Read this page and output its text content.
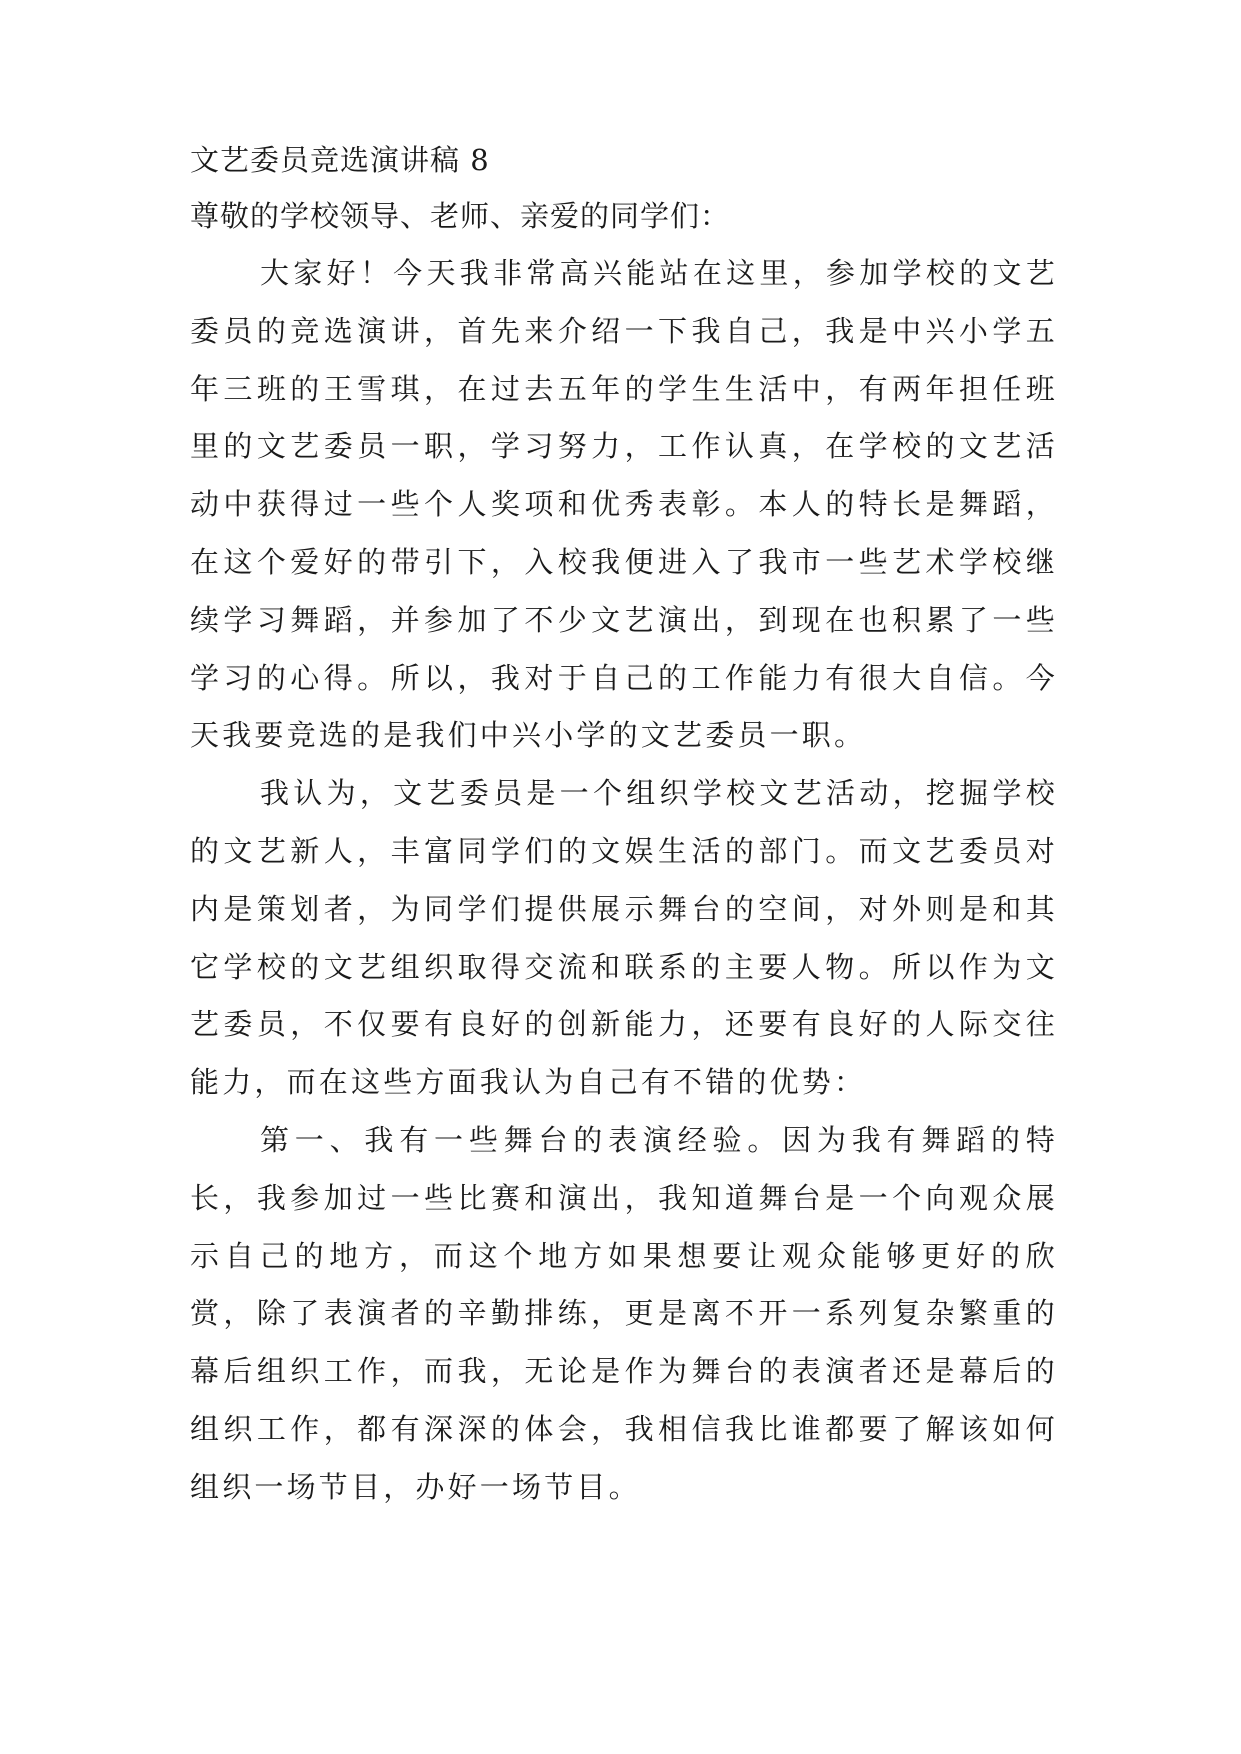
文艺委员竞选演讲稿 8

尊敬的学校领导、老师、亲爱的同学们：

大家好！今天我非常高兴能站在这里，参加学校的文艺委员的竞选演讲，首先来介绍一下我自己，我是中兴小学五年三班的王雪琪，在过去五年的学生生活中，有两年担任班里的文艺委员一职，学习努力，工作认真，在学校的文艺活动中获得过一些个人奖项和优秀表彰。本人的特长是舞蹈，在这个爱好的带引下，入校我便进入了我市一些艺术学校继续学习舞蹈，并参加了不少文艺演出，到现在也积累了一些学习的心得。所以，我对于自己的工作能力有很大自信。今天我要竞选的是我们中兴小学的文艺委员一职。

我认为，文艺委员是一个组织学校文艺活动，挖掘学校的文艺新人，丰富同学们的文娱生活的部门。而文艺委员对内是策划者，为同学们提供展示舞台的空间，对外则是和其它学校的文艺组织取得交流和联系的主要人物。所以作为文艺委员，不仅要有良好的创新能力，还要有良好的人际交往能力，而在这些方面我认为自己有不错的优势：

第一、我有一些舞台的表演经验。因为我有舞蹈的特长，我参加过一些比赛和演出，我知道舞台是一个向观众展示自己的地方，而这个地方如果想要让观众能够更好的欣赏，除了表演者的辛勤排练，更是离不开一系列复杂繁重的幕后组织工作，而我，无论是作为舞台的表演者还是幕后的组织工作，都有深深的体会，我相信我比谁都要了解该如何组织一场节目，办好一场节目。
